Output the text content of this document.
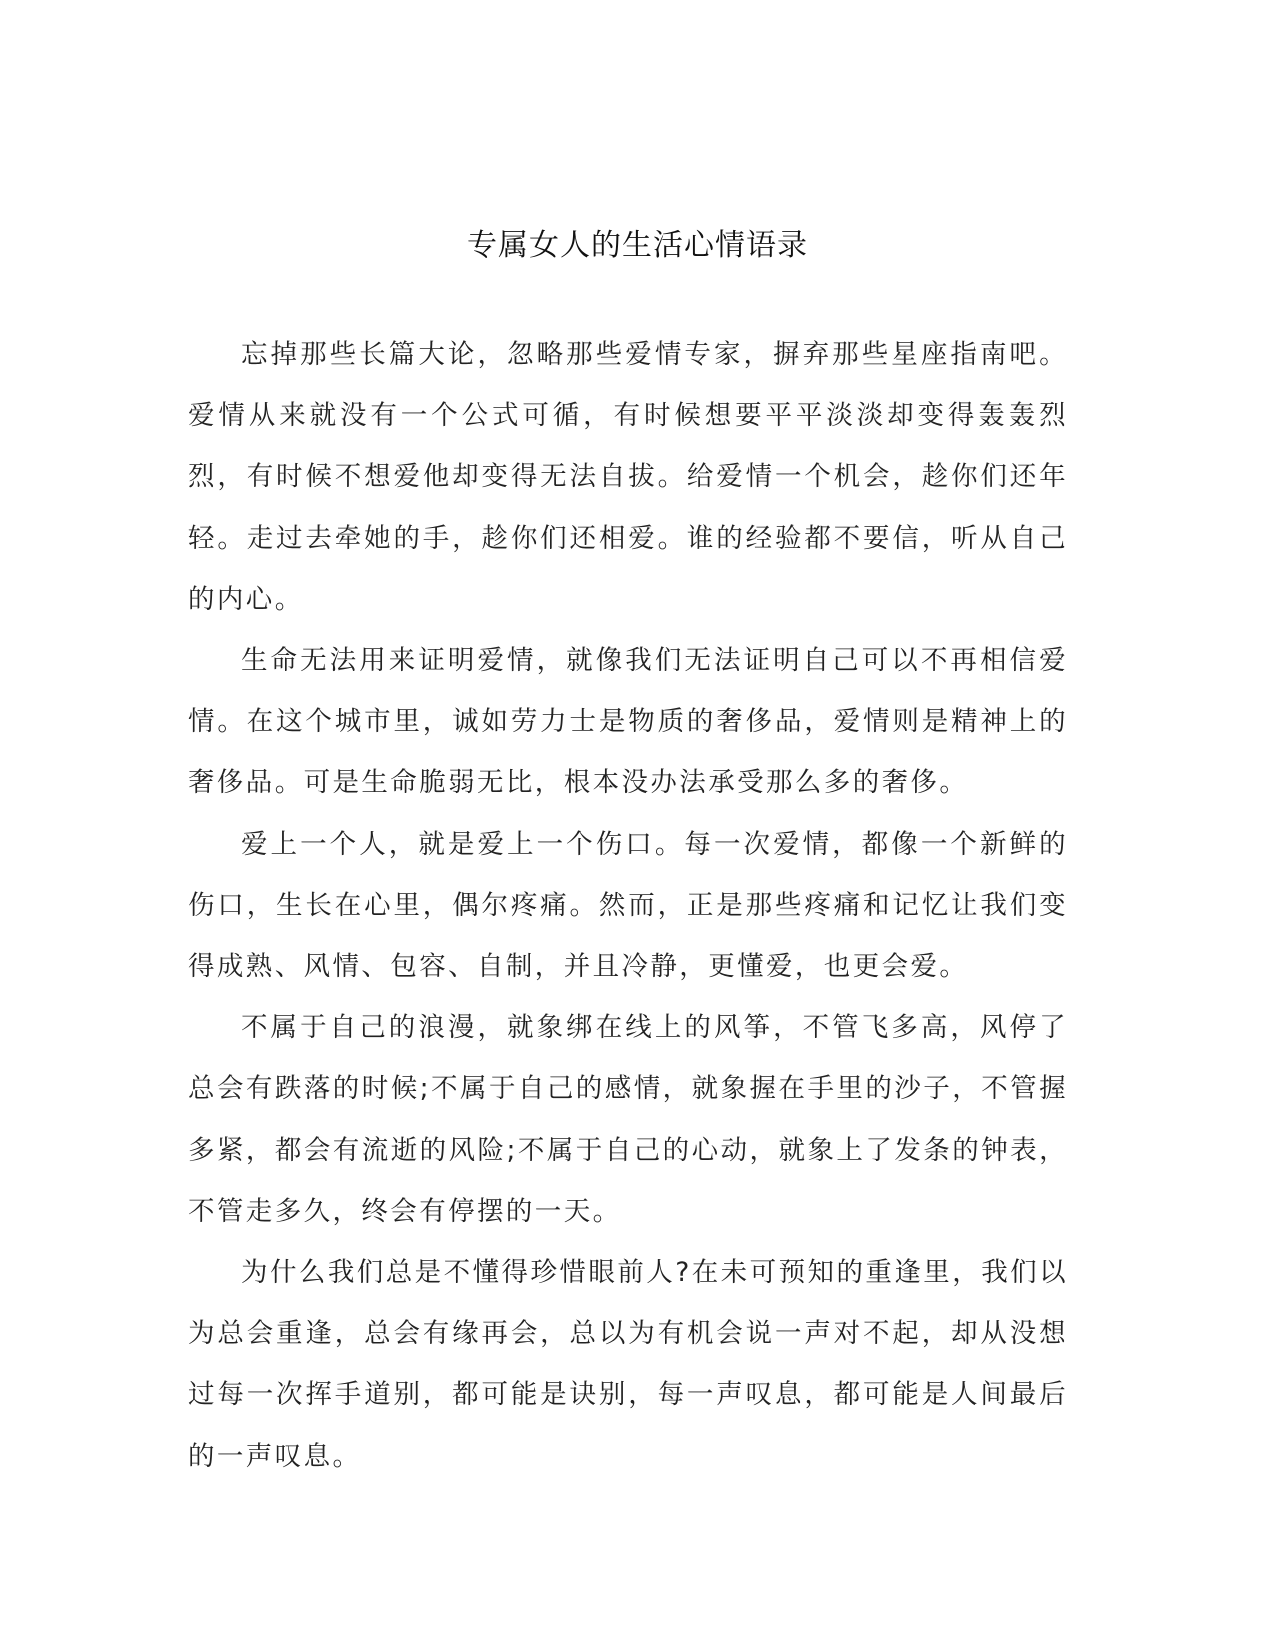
专属女人的生活心情语录

忘掉那些长篇大论，忽略那些爱情专家，摒弃那些星座指南吧。爱情从来就没有一个公式可循，有时候想要平平淡淡却变得轰轰烈烈，有时候不想爱他却变得无法自拔。给爱情一个机会，趁你们还年轻。走过去牵她的手，趁你们还相爱。谁的经验都不要信，听从自己的内心。

生命无法用来证明爱情，就像我们无法证明自己可以不再相信爱情。在这个城市里，诚如劳力士是物质的奢侈品，爱情则是精神上的奢侈品。可是生命脆弱无比，根本没办法承受那么多的奢侈。

爱上一个人，就是爱上一个伤口。每一次爱情，都像一个新鲜的伤口，生长在心里，偶尔疼痛。然而，正是那些疼痛和记忆让我们变得成熟、风情、包容、自制，并且冷静，更懂爱，也更会爱。

不属于自己的浪漫，就象绑在线上的风筝，不管飞多高，风停了总会有跌落的时候;不属于自己的感情，就象握在手里的沙子，不管握多紧，都会有流逝的风险;不属于自己的心动，就象上了发条的钟表，不管走多久，终会有停摆的一天。

为什么我们总是不懂得珍惜眼前人?在未可预知的重逢里，我们以为总会重逢，总会有缘再会，总以为有机会说一声对不起，却从没想过每一次挥手道别，都可能是诀别，每一声叹息，都可能是人间最后的一声叹息。
